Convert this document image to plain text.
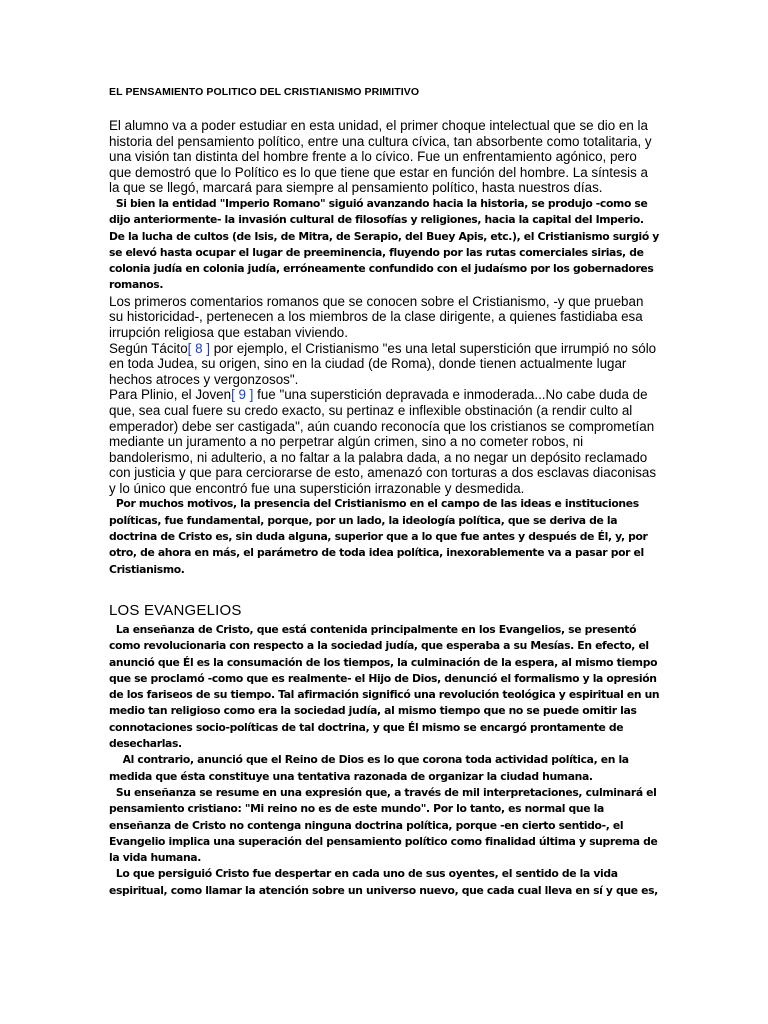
EL PENSAMIENTO POLITICO DEL CRISTIANISMO PRIMITIVO

El alumno va a poder estudiar en esta unidad, el primer choque intelectual que se dio en la historia del pensamiento político, entre una cultura cívica, tan absorbente como totalitaria, y una visión tan distinta del hombre frente a lo cívico. Fue un enfrentamiento agónico, pero que demostró que lo Político es lo que tiene que estar en función del hombre. La síntesis a la que se llegó, marcará para siempre al pensamiento político, hasta nuestros días.

Si bien la entidad "Imperio Romano" siguió avanzando hacia la historia, se produjo -como se dijo anteriormente- la invasión cultural de filosofías y religiones, hacia la capital del Imperio. De la lucha de cultos (de Isis, de Mitra, de Serapio, del Buey Apis, etc.), el Cristianismo surgió y se elevó hasta ocupar el lugar de preeminencia, fluyendo por las rutas comerciales sirias, de colonia judía en colonia judía, erróneamente confundido con el judaísmo por los gobernadores romanos.

Los primeros comentarios romanos que se conocen sobre el Cristianismo, -y que prueban su historicidad-, pertenecen a los miembros de la clase dirigente, a quienes fastidiaba esa irrupción religiosa que estaban viviendo.

Según Tácito[ 8 ] por ejemplo, el Cristianismo "es una letal superstición que irrumpió no sólo en toda Judea, su origen, sino en la ciudad (de Roma), donde tienen actualmente lugar hechos atroces y vergonzosos".

Para Plinio, el Joven[ 9 ] fue "una superstición depravada e inmoderada...No cabe duda de que, sea cual fuere su credo exacto, su pertinaz e inflexible obstinación (a rendir culto al emperador) debe ser castigada", aún cuando reconocía que los cristianos se comprometían mediante un juramento a no perpetrar algún crimen, sino a no cometer robos, ni bandolerismo, ni adulterio, a no faltar a la palabra dada, a no negar un depósito reclamado con justicia y que para cerciorarse de esto, amenazó con torturas a dos esclavas diaconisas y lo único que encontró fue una superstición irrazonable y desmedida.

Por muchos motivos, la presencia del Cristianismo en el campo de las ideas e instituciones políticas, fue fundamental, porque, por un lado, la ideología política, que se deriva de la doctrina de Cristo es, sin duda alguna, superior que a lo que fue antes y después de Él, y, por otro, de ahora en más, el parámetro de toda idea política, inexorablemente va a pasar por el Cristianismo.

LOS EVANGELIOS

La enseñanza de Cristo, que está contenida principalmente en los Evangelios, se presentó como revolucionaria con respecto a la sociedad judía, que esperaba a su Mesías. En efecto, el anunció que Él es la consumación de los tiempos, la culminación de la espera, al mismo tiempo que se proclamó -como que es realmente- el Hijo de Dios, denunció el formalismo y la opresión de los fariseos de su tiempo. Tal afirmación significó una revolución teológica y espiritual en un medio tan religioso como era la sociedad judía, al mismo tiempo que no se puede omitir las connotaciones socio-políticas de tal doctrina, y que Él mismo se encargó prontamente de desecharlas.

Al contrario, anunció que el Reino de Dios es lo que corona toda actividad política, en la medida que ésta constituye una tentativa razonada de organizar la ciudad humana.

Su enseñanza se resume en una expresión que, a través de mil interpretaciones, culminará el pensamiento cristiano: "Mi reino no es de este mundo". Por lo tanto, es normal que la enseñanza de Cristo no contenga ninguna doctrina política, porque -en cierto sentido-, el Evangelio implica una superación del pensamiento político como finalidad última y suprema de la vida humana.

Lo que persiguió Cristo fue despertar en cada uno de sus oyentes, el sentido de la vida espiritual, como llamar la atención sobre un universo nuevo, que cada cual lleva en sí y que es,
